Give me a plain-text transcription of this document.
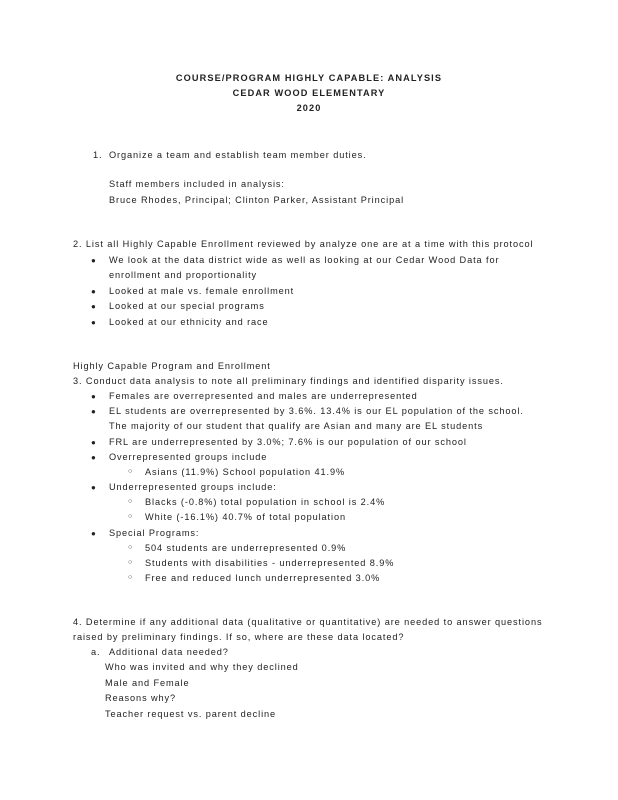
COURSE/PROGRAM HIGHLY CAPABLE: ANALYSIS
CEDAR WOOD ELEMENTARY
2020
1. Organize a team and establish team member duties.
Staff members included in analysis:
Bruce Rhodes, Principal; Clinton Parker, Assistant Principal
2. List all Highly Capable Enrollment reviewed by analyze one are at a time with this protocol
● We look at the data district wide as well as looking at our Cedar Wood Data for
enrollment and proportionality
● Looked at male vs. female enrollment
● Looked at our special programs
● Looked at our ethnicity and race
Highly Capable Program and Enrollment
3. Conduct data analysis to note all preliminary findings and identified disparity issues.
● Females are overrepresented and males are underrepresented
● EL students are overrepresented by 3.6%. 13.4% is our EL population of the school.
The majority of our student that qualify are Asian and many are EL students
● FRL are underrepresented by 3.0%; 7.6% is our population of our school
● Overrepresented groups include
○ Asians (11.9%) School population 41.9%
● Underrepresented groups include:
○ Blacks (-0.8%) total population in school is 2.4%
○ White (-16.1%) 40.7% of total population
● Special Programs:
○ 504 students are underrepresented 0.9%
○ Students with disabilities - underrepresented 8.9%
○ Free and reduced lunch underrepresented 3.0%
4. Determine if any additional data (qualitative or quantitative) are needed to answer questions
raised by preliminary findings. If so, where are these data located?
a. Additional data needed?
Who was invited and why they declined
Male and Female
Reasons why?
Teacher request vs. parent decline
